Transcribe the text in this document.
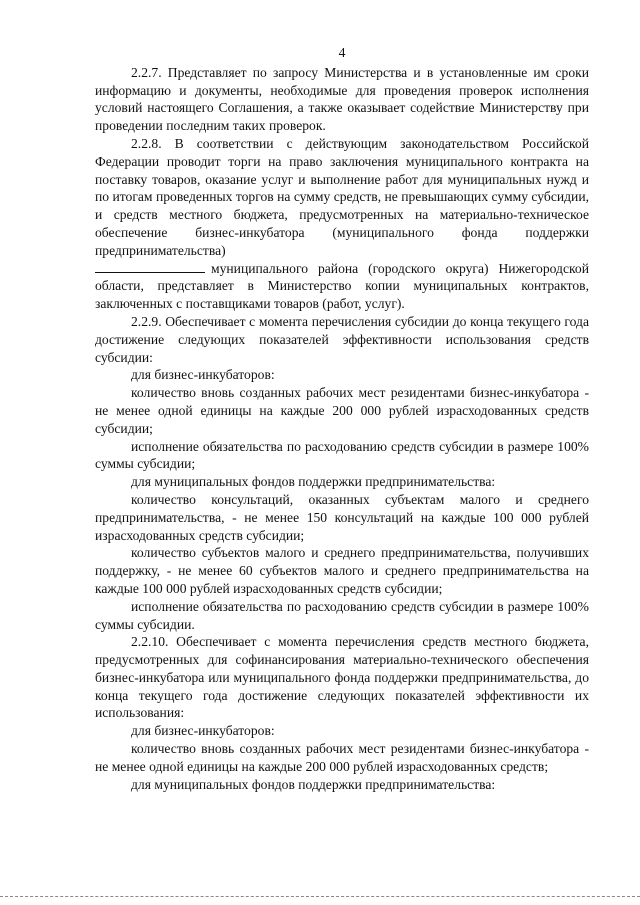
4

2.2.7. Представляет по запросу Министерства и в установленные им сроки информацию и документы, необходимые для проведения проверок исполнения условий настоящего Соглашения, а также оказывает содействие Министерству при проведении последним таких проверок.

2.2.8. В соответствии с действующим законодательством Российской Федерации проводит торги на право заключения муниципального контракта на поставку товаров, оказание услуг и выполнение работ для муниципальных нужд и по итогам проведенных торгов на сумму средств, не превышающих сумму субсидии, и средств местного бюджета, предусмотренных на материально-техническое обеспечение бизнес-инкубатора (муниципального фонда поддержки предпринимательства)

муниципального района (городского округа) Нижегородской области, представляет в Министерство копии муниципальных контрактов, заключенных с поставщиками товаров (работ, услуг).

2.2.9. Обеспечивает с момента перечисления субсидии до конца текущего года достижение следующих показателей эффективности использования средств субсидии:

для бизнес-инкубаторов:

количество вновь созданных рабочих мест резидентами бизнес-инкубатора - не менее одной единицы на каждые 200 000 рублей израсходованных средств субсидии;

исполнение обязательства по расходованию средств субсидии в размере 100% суммы субсидии;

для муниципальных фондов поддержки предпринимательства:

количество консультаций, оказанных субъектам малого и среднего предпринимательства, - не менее 150 консультаций на каждые 100 000 рублей израсходованных средств субсидии;

количество субъектов малого и среднего предпринимательства, получивших поддержку, - не менее 60 субъектов малого и среднего предпринимательства на каждые 100 000 рублей израсходованных средств субсидии;

исполнение обязательства по расходованию средств субсидии в размере 100% суммы субсидии.

2.2.10. Обеспечивает с момента перечисления средств местного бюджета, предусмотренных для софинансирования материально-технического обеспечения бизнес-инкубатора или муниципального фонда поддержки предпринимательства, до конца текущего года достижение следующих показателей эффективности их использования:

для бизнес-инкубаторов:

количество вновь созданных рабочих мест резидентами бизнес-инкубатора - не менее одной единицы на каждые 200 000 рублей израсходованных средств;

для муниципальных фондов поддержки предпринимательства:
